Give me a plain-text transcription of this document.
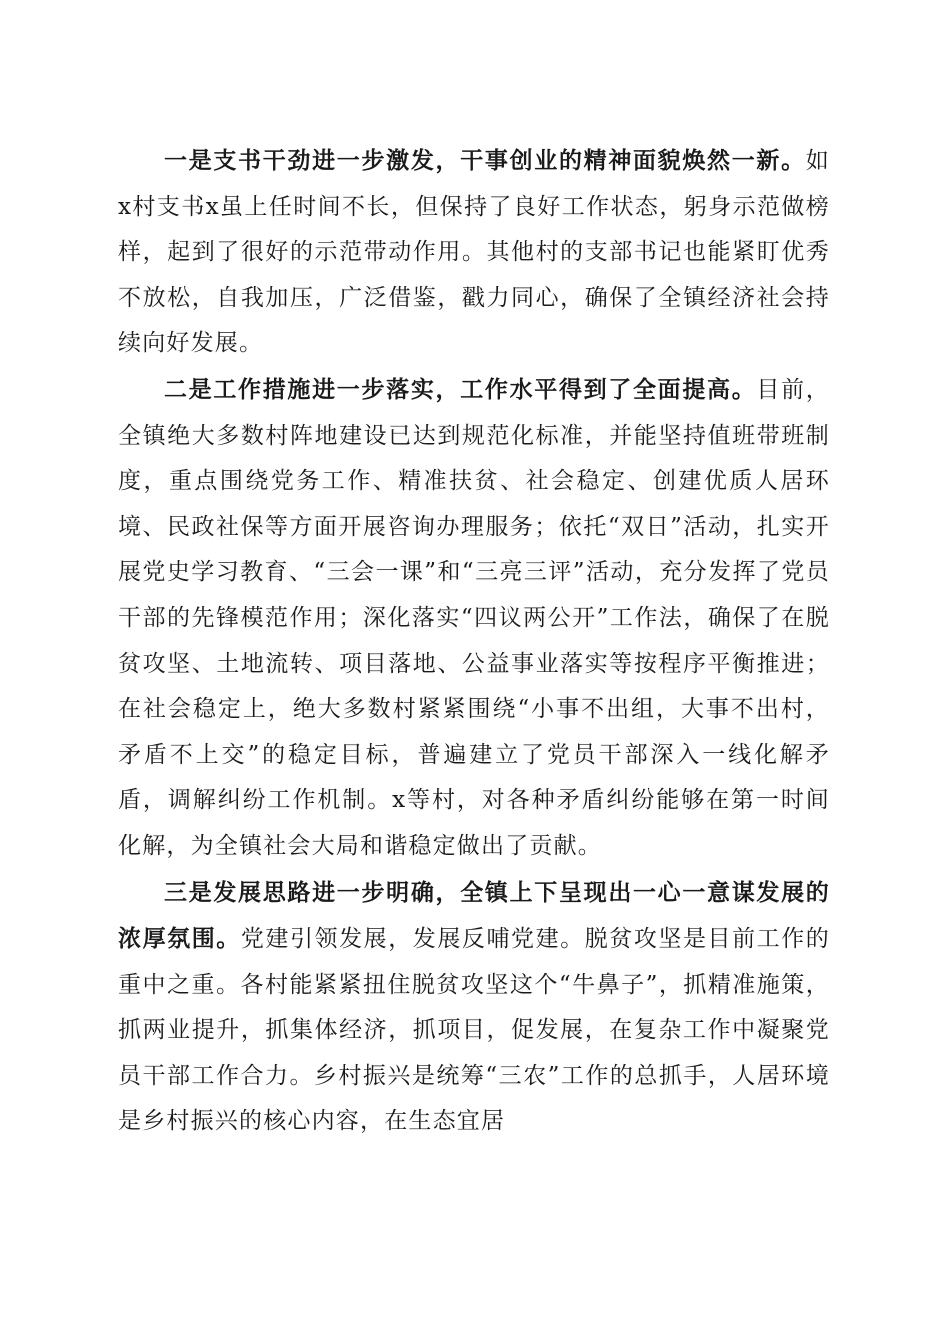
一是支书干劲进一步激发，干事创业的精神面貌焕然一新。如x村支书x虽上任时间不长，但保持了良好工作状态，躬身示范做榜样，起到了很好的示范带动作用。其他村的支部书记也能紧盯优秀不放松，自我加压，广泛借鉴，戳力同心，确保了全镇经济社会持续向好发展。

二是工作措施进一步落实，工作水平得到了全面提高。目前，全镇绝大多数村阵地建设已达到规范化标准，并能坚持值班带班制度，重点围绕党务工作、精准扶贫、社会稳定、创建优质人居环境、民政社保等方面开展咨询办理服务；依托“双日”活动，扎实开展党史学习教育、“三会一课”和“三亮三评”活动，充分发挥了党员干部的先锋模范作用；深化落实“四议两公开”工作法，确保了在脱贫攻坚、土地流转、项目落地、公益事业落实等按程序平衡推进；在社会稳定上，绝大多数村紧紧围绕“小事不出组，大事不出村，矛盾不上交”的稳定目标，普遍建立了党员干部深入一线化解矛盾，调解纠纷工作机制。x等村，对各种矛盾纠纷能够在第一时间化解，为全镇社会大局和谐稳定做出了贡献。

三是发展思路进一步明确，全镇上下呈现出一心一意谋发展的浓厚氛围。党建引领发展，发展反哺党建。脱贫攻坚是目前工作的重中之重。各村能紧紧扭住脱贫攻坚这个“牛鼻子”，抓精准施策，抓两业提升，抓集体经济，抓项目，促发展，在复杂工作中凝聚党员干部工作合力。乡村振兴是统筹“三农”工作的总抓手，人居环境是乡村振兴的核心内容，在生态宜居
